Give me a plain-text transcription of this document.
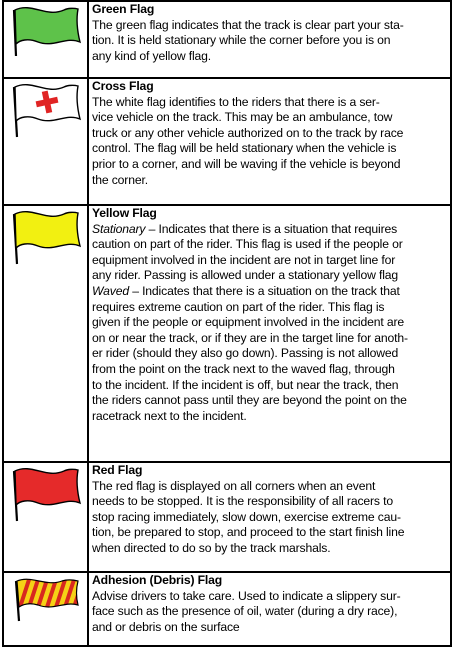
Green Flag
The green flag indicates that the track is clear part your sta-
tion. It is held stationary while the corner before you is on
any kind of yellow flag.
Cross Flag
The white flag identifies to the riders that there is a ser-
vice vehicle on the track. This may be an ambulance, tow
truck or any other vehicle authorized on to the track by race
control. The flag will be held stationary when the vehicle is
prior to a corner, and will be waving if the vehicle is beyond
the corner.
Yellow Flag
Stationary – Indicates that there is a situation that requires
caution on part of the rider. This flag is used if the people or
equipment involved in the incident are not in target line for
any rider. Passing is allowed under a stationary yellow flag
Waved – Indicates that there is a situation on the track that
requires extreme caution on part of the rider. This flag is
given if the people or equipment involved in the incident are
on or near the track, or if they are in the target line for anoth-
er rider (should they also go down). Passing is not allowed
from the point on the track next to the waved flag, through
to the incident. If the incident is off, but near the track, then
the riders cannot pass until they are beyond the point on the
racetrack next to the incident.
Red Flag
The red flag is displayed on all corners when an event
needs to be stopped. It is the responsibility of all racers to
stop racing immediately, slow down, exercise extreme cau-
tion, be prepared to stop, and proceed to the start finish line
when directed to do so by the track marshals.
Adhesion (Debris) Flag
Advise drivers to take care. Used to indicate a slippery sur-
face such as the presence of oil, water (during a dry race),
and or debris on the surface
